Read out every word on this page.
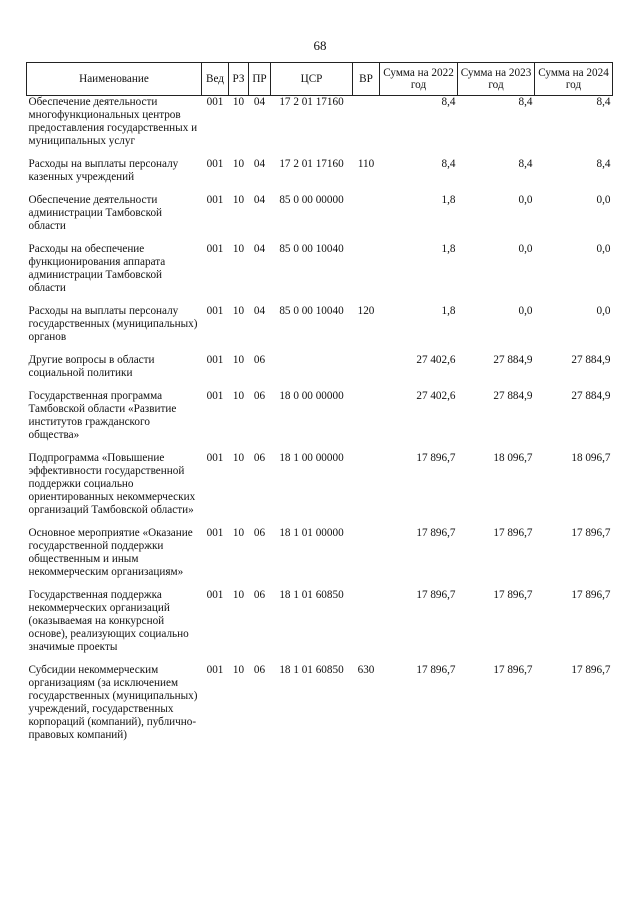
68
Наименование	Вед	РЗ	ПР	ЦСР	ВР	Сумма на 2022 год	Сумма на 2023 год	Сумма на 2024 год
Обеспечение деятельности многофункциональных центров предоставления государственных и муниципальных услуг	001	10	04	17 2 01 17160		8,4	8,4	8,4
Расходы на выплаты персоналу казенных учреждений	001	10	04	17 2 01 17160	110	8,4	8,4	8,4
Обеспечение деятельности администрации Тамбовской области	001	10	04	85 0 00 00000		1,8	0,0	0,0
Расходы на обеспечение функционирования аппарата администрации Тамбовской области	001	10	04	85 0 00 10040		1,8	0,0	0,0
Расходы на выплаты персоналу государственных (муниципальных) органов	001	10	04	85 0 00 10040	120	1,8	0,0	0,0
Другие вопросы в области социальной политики	001	10	06			27 402,6	27 884,9	27 884,9
Государственная программа Тамбовской области «Развитие институтов гражданского общества»	001	10	06	18 0 00 00000		27 402,6	27 884,9	27 884,9
Подпрограмма «Повышение эффективности государственной поддержки социально ориентированных некоммерческих организаций Тамбовской области»	001	10	06	18 1 00 00000		17 896,7	18 096,7	18 096,7
Основное мероприятие «Оказание государственной поддержки общественным и иным некоммерческим организациям»	001	10	06	18 1 01 00000		17 896,7	17 896,7	17 896,7
Государственная поддержка некоммерческих организаций (оказываемая на конкурсной основе), реализующих социально значимые проекты	001	10	06	18 1 01 60850		17 896,7	17 896,7	17 896,7
Субсидии некоммерческим организациям (за исключением государственных (муниципальных) учреждений, государственных корпораций (компаний), публично-правовых компаний)	001	10	06	18 1 01 60850	630	17 896,7	17 896,7	17 896,7
